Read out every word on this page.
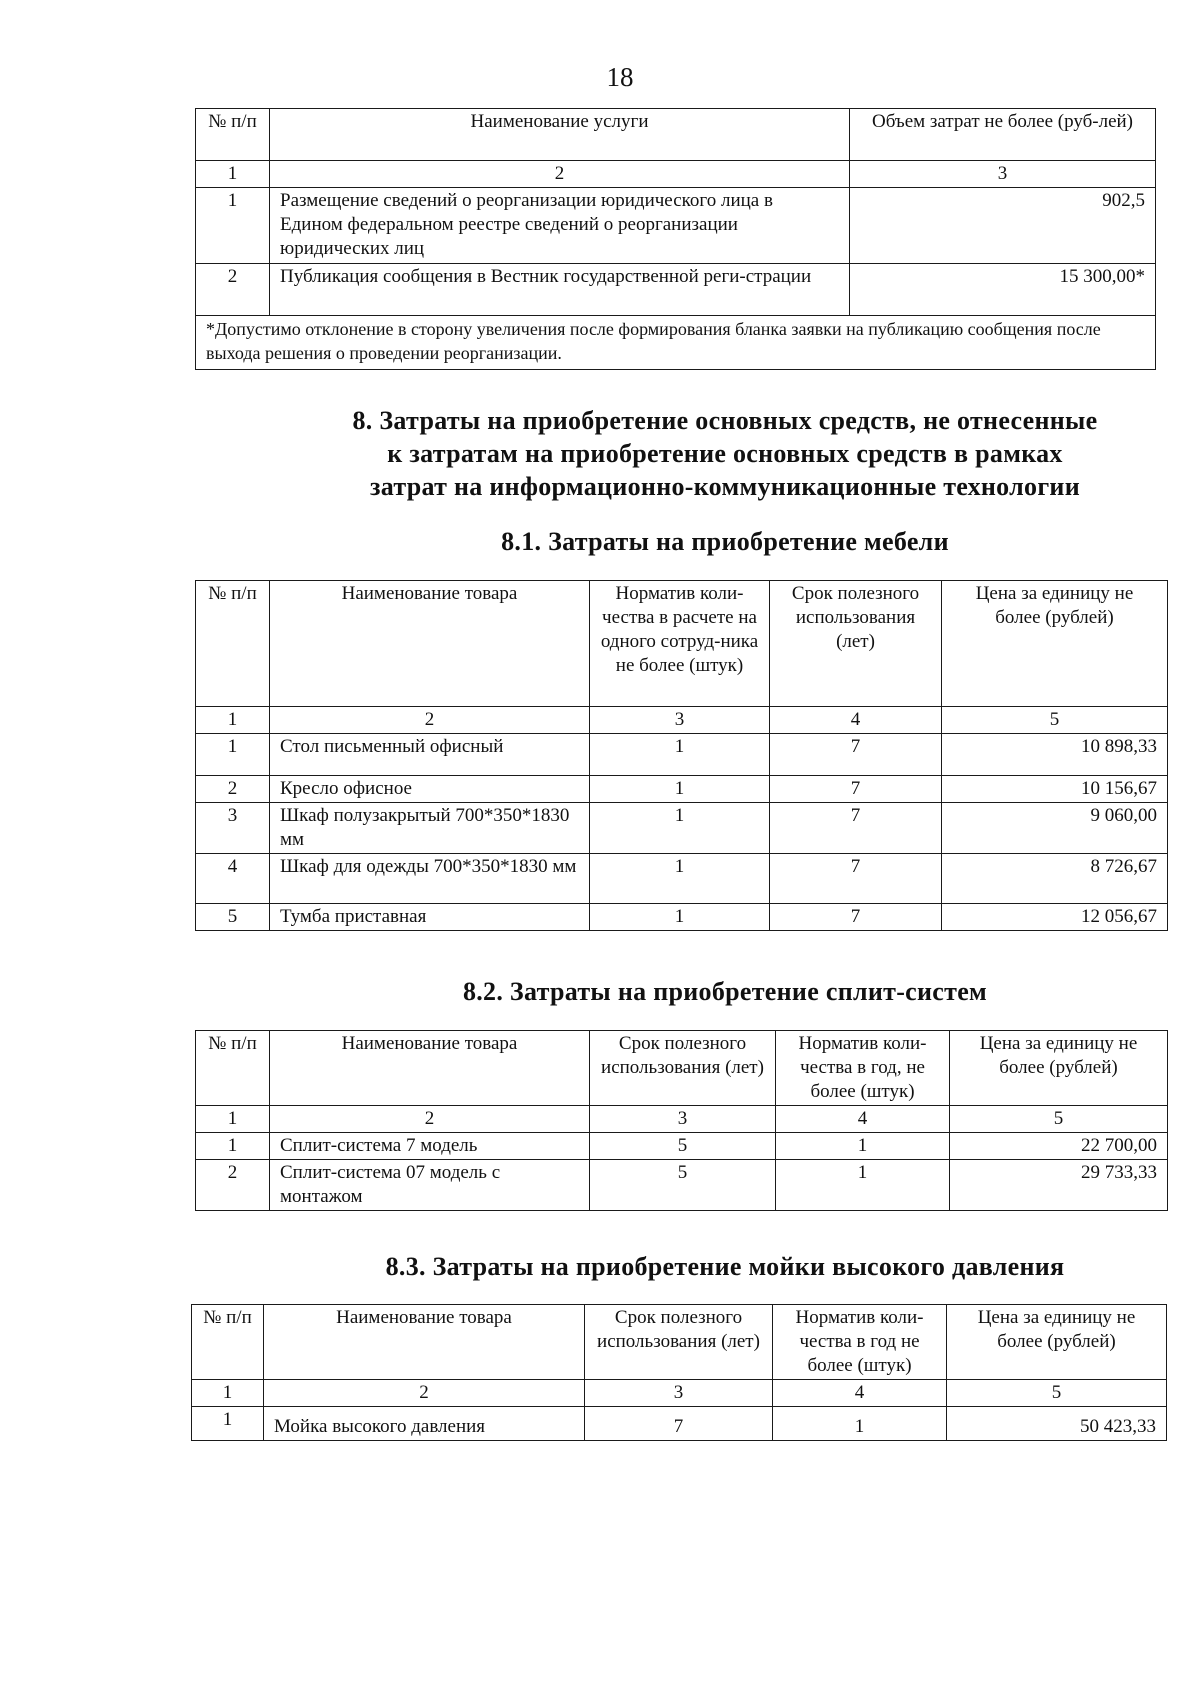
18
№ п/п	Наименование услуги	Объем затрат не более (руб-лей)
1	2	3
1	Размещение сведений о реорганизации юридического лица в Едином федеральном реестре сведений о реорганизации юридических лиц	902,5
2	Публикация сообщения в Вестник государственной реги-страции	15 300,00*
*Допустимо отклонение в сторону увеличения после формирования бланка заявки на публикацию сообщения после выхода решения о проведении реорганизации.		
8. Затраты на приобретение основных средств, не отнесенные
к затратам на приобретение основных средств в рамках
затрат на информационно-коммуникационные технологии
8.1. Затраты на приобретение мебели
№ п/п	Наименование товара	Норматив коли-чества в расчете на одного сотруд-ника не более (штук)	Срок полезного использования (лет)	Цена за единицу не более (рублей)
1	2	3	4	5
1	Стол письменный офисный	1	7	10 898,33
2	Кресло офисное	1	7	10 156,67
3	Шкаф полузакрытый 700*350*1830 мм	1	7	9 060,00
4	Шкаф для одежды 700*350*1830 мм	1	7	8 726,67
5	Тумба приставная	1	7	12 056,67
8.2. Затраты на приобретение сплит-систем
№ п/п	Наименование товара	Срок полезного использования (лет)	Норматив коли-чества в год, не более (штук)	Цена за единицу не более (рублей)
1	2	3	4	5
1	Сплит-система 7 модель	5	1	22 700,00
2	Сплит-система 07 модель с монтажом	5	1	29 733,33
8.3. Затраты на приобретение мойки высокого давления
№ п/п	Наименование товара	Срок полезного использования (лет)	Норматив коли-чества в год не более (штук)	Цена за единицу не более (рублей)
1	2	3	4	5
1	Мойка высокого давления	7	1	50 423,33
